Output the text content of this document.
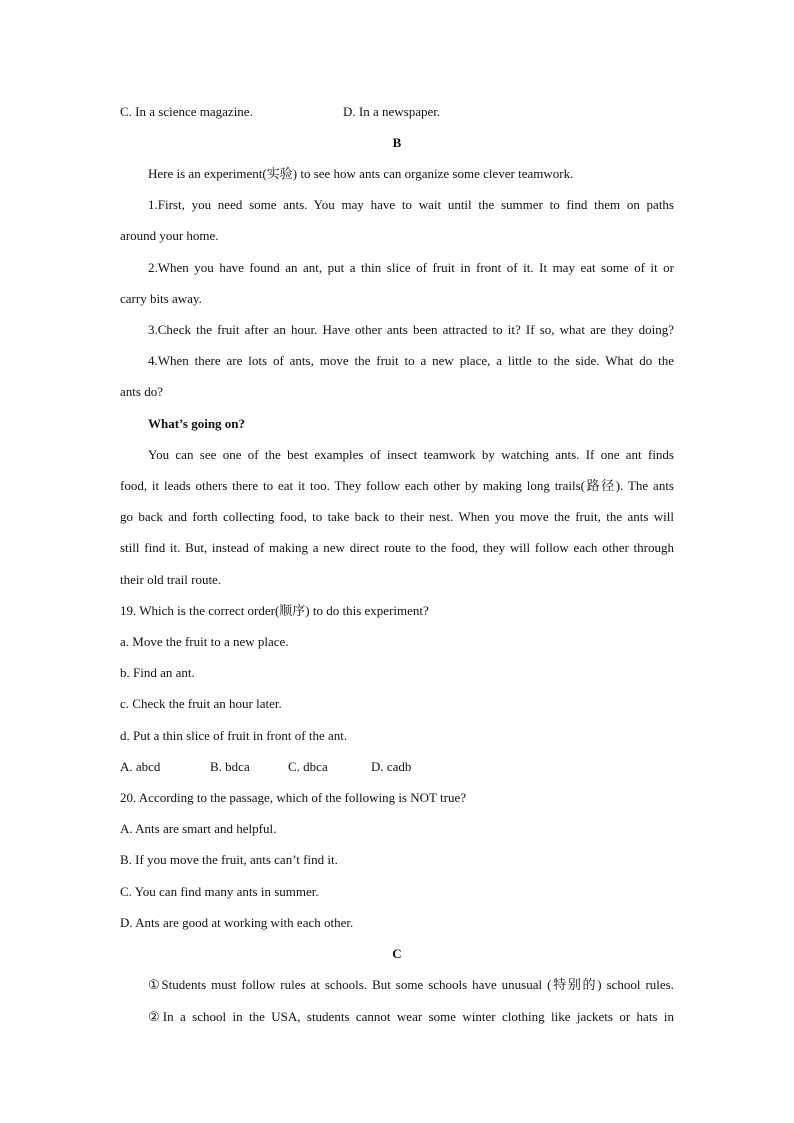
C. In a science magazine.	D. In a newspaper.
B
Here is an experiment(实验) to see how ants can organize some clever teamwork.
1.First, you need some ants. You may have to wait until the summer to find them on paths
around your home.
2.When you have found an ant, put a thin slice of fruit in front of it. It may eat some of it or
carry bits away.
3.Check the fruit after an hour. Have other ants been attracted to it? If so, what are they doing?
4.When there are lots of ants, move the fruit to a new place, a little to the side. What do the
ants do?
What’s going on?
You can see one of the best examples of insect teamwork by watching ants. If one ant finds
food, it leads others there to eat it too. They follow each other by making long trails(路径). The ants
go back and forth collecting food, to take back to their nest. When you move the fruit, the ants will
still find it. But, instead of making a new direct route to the food, they will follow each other through
their old trail route.
19. Which is the correct order(顺序) to do this experiment?
a. Move the fruit to a new place.
b. Find an ant.
c. Check the fruit an hour later.
d. Put a thin slice of fruit in front of the ant.
A. abcd	B. bdca	C. dbca	D. cadb
20. According to the passage, which of the following is NOT true?
A. Ants are smart and helpful.
B. If you move the fruit, ants can’t find it.
C. You can find many ants in summer.
D. Ants are good at working with each other.
C
①Students must follow rules at schools. But some schools have unusual (特别的) school rules.
②In a school in the USA, students cannot wear some winter clothing like jackets or hats in
